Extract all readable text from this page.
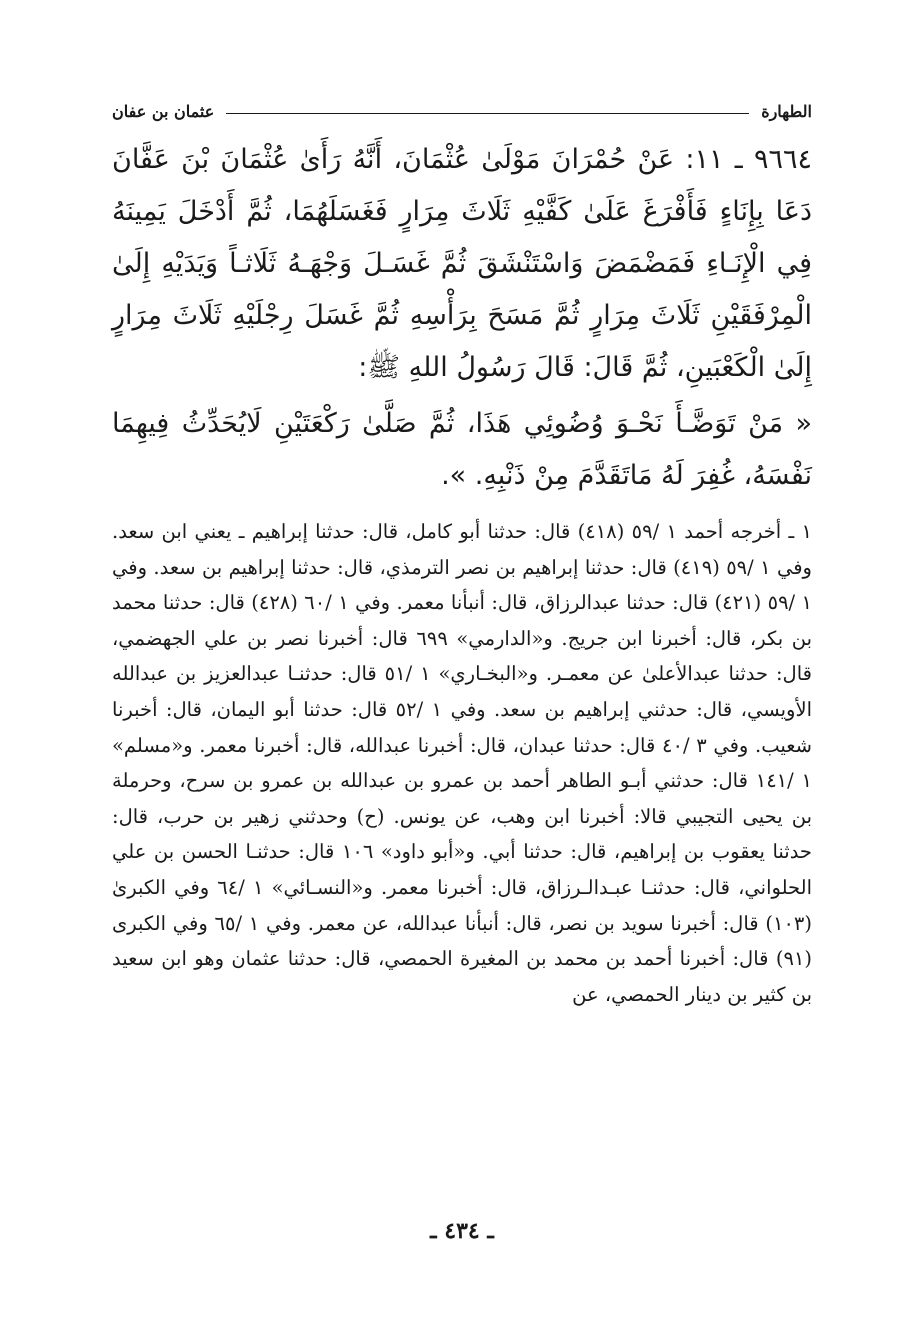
الطهارة
عثمان بن عفان

٩٦٦٤ ـ ١١: عَنْ حُمْرَانَ مَوْلَىٰ عُثْمَانَ، أَنَّهُ رَأَىٰ عُثْمَانَ بْنَ عَفَّانَ دَعَا بِإِنَاءٍ فَأَفْرَغَ عَلَىٰ كَفَّيْهِ ثَلَاثَ مِرَارٍ فَغَسَلَهُمَا، ثُمَّ أَدْخَلَ يَمِينَهُ فِي الْإِنَـاءِ فَمَضْمَضَ وَاسْتَنْشَقَ ثُمَّ غَسَـلَ وَجْهَـهُ ثَلَاثـاً وَيَدَيْهِ إِلَىٰ الْمِرْفَقَيْنِ ثَلَاثَ مِرَارٍ ثُمَّ مَسَحَ بِرَأْسِهِ ثُمَّ غَسَلَ رِجْلَيْهِ ثَلَاثَ مِرَارٍ إِلَىٰ الْكَعْبَينِ، ثُمَّ قَالَ: قَالَ رَسُولُ اللهِ ﷺ:

« مَنْ تَوَضَّـأَ نَحْـوَ وُضُوئِي هَذَا، ثُمَّ صَلَّىٰ رَكْعَتَيْنِ لَايُحَدِّثُ فِيهِمَا نَفْسَهُ، غُفِرَ لَهُ مَاتَقَدَّمَ مِنْ ذَنْبِهِ. ».

١ ـ أخرجه أحمد ١ /٥٩ (٤١٨) قال: حدثنا أبو كامل، قال: حدثنا إبراهيم ـ يعني ابن سعد. وفي ١ /٥٩ (٤١٩) قال: حدثنا إبراهيم بن نصر الترمذي، قال: حدثنا إبراهيم بن سعد. وفي ١ /٥٩ (٤٢١) قال: حدثنا عبدالرزاق، قال: أنبأنا معمر. وفي ١ /٦٠ (٤٢٨) قال: حدثنا محمد بن بكر، قال: أخبرنا ابن جريج. و«الدارمي» ٦٩٩ قال: أخبرنا نصر بن علي الجهضمي، قال: حدثنا عبدالأعلىٰ عن معمـر. و«البخـاري» ١ /٥١ قال: حدثنـا عبدالعزيز بن عبدالله الأويسي، قال: حدثني إبراهيم بن سعد. وفي ١ /٥٢ قال: حدثنا أبو اليمان، قال: أخبرنا شعيب. وفي ٣ /٤٠ قال: حدثنا عبدان، قال: أخبرنا عبدالله، قال: أخبرنا معمر. و«مسلم» ١ /١٤١ قال: حدثني أبـو الطاهر أحمد بن عمرو بن عبدالله بن عمرو بن سرح، وحرملة بن يحيى التجيبي قالا: أخبرنا ابن وهب، عن يونس. (ح) وحدثني زهير بن حرب، قال: حدثنا يعقوب بن إبراهيم، قال: حدثنا أبي. و«أبو داود» ١٠٦ قال: حدثنـا الحسن بن علي الحلواني، قال: حدثنـا عبـدالـرزاق، قال: أخبرنا معمر. و«النسـائي» ١ /٦٤ وفي الكبرىٰ (١٠٣) قال: أخبرنا سويد بن نصر، قال: أنبأنا عبدالله، عن معمر. وفي ١ /٦٥ وفي الكبرى (٩١) قال: أخبرنا أحمد بن محمد بن المغيرة الحمصي، قال: حدثنا عثمان وهو ابن سعيد بن كثير بن دينار الحمصي، عن

ـ ٤٣٤ ـ
